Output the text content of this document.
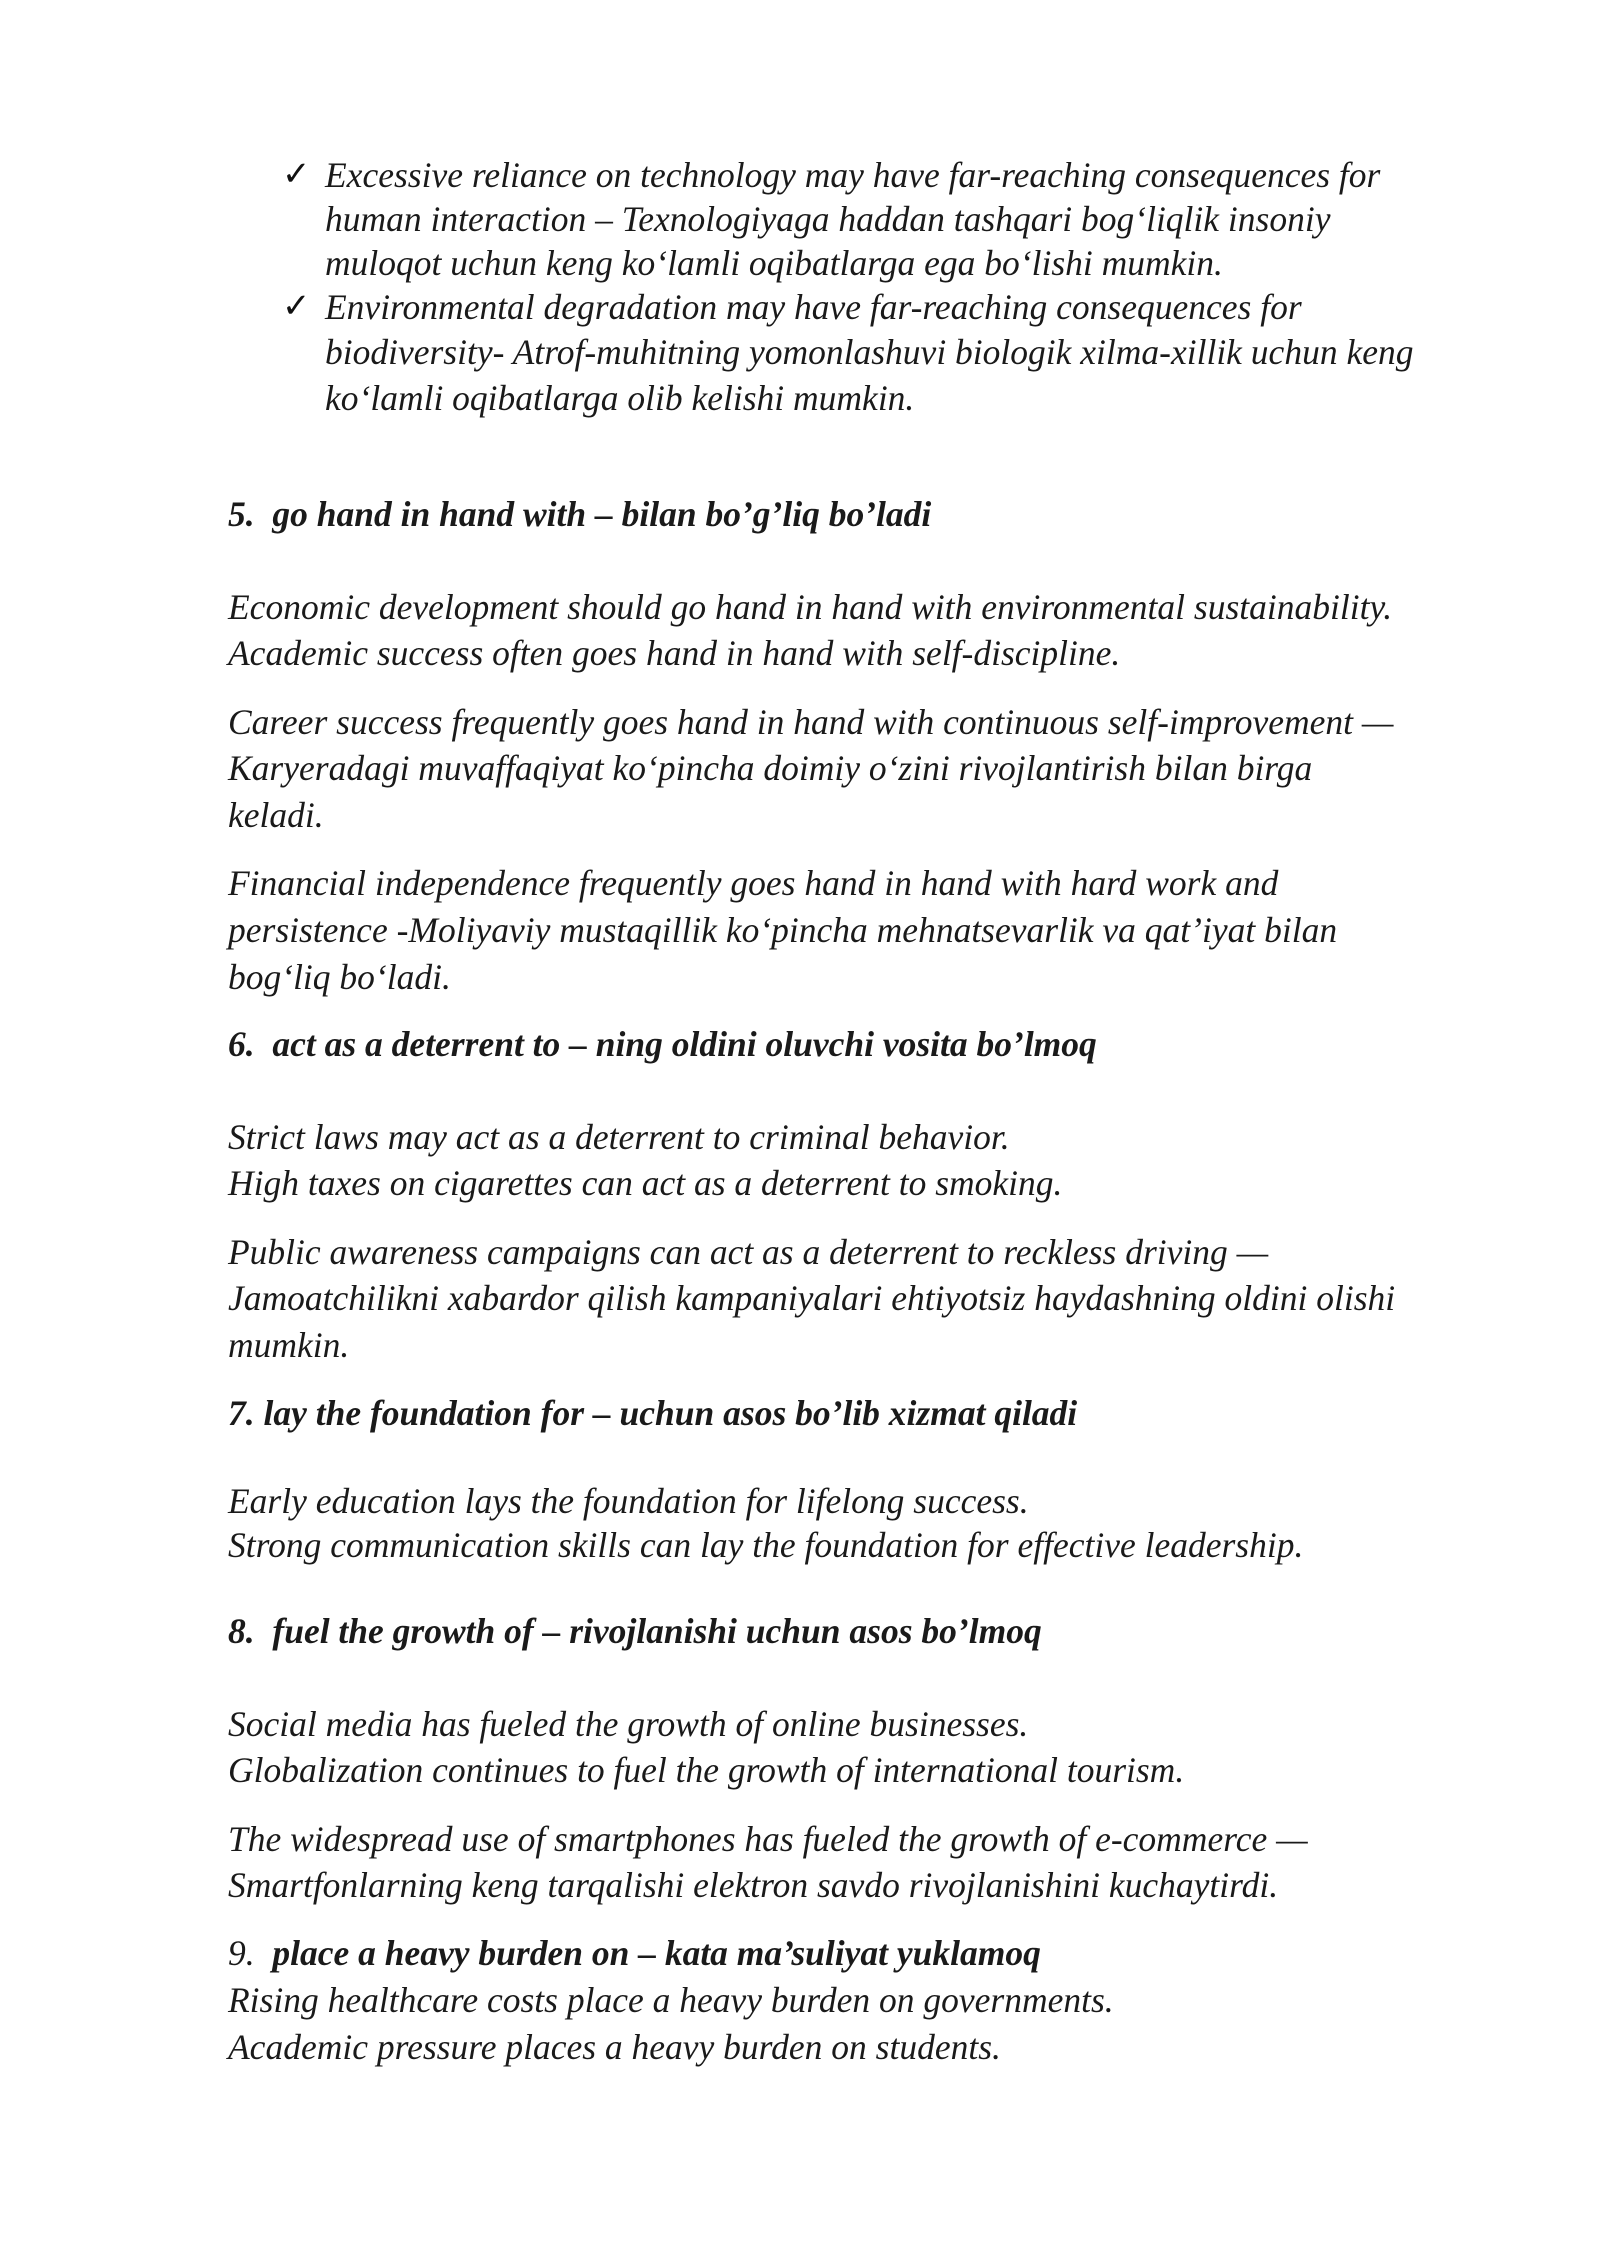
✓ Excessive reliance on technology may have far-reaching consequences for
human interaction – Texnologiyaga haddan tashqari bog‘liqlik insoniy
muloqot uchun keng ko‘lamli oqibatlarga ega bo‘lishi mumkin.
✓ Environmental degradation may have far-reaching consequences for
biodiversity- Atrof-muhitning yomonlashuvi biologik xilma-xillik uchun keng
ko‘lamli oqibatlarga olib kelishi mumkin.
5. go hand in hand with – bilan bo’g’liq bo’ladi
Economic development should go hand in hand with environmental sustainability.
Academic success often goes hand in hand with self-discipline.
Career success frequently goes hand in hand with continuous self-improvement —
Karyeradagi muvaffaqiyat ko‘pincha doimiy o‘zini rivojlantirish bilan birga
keladi.
Financial independence frequently goes hand in hand with hard work and
persistence -Moliyaviy mustaqillik ko‘pincha mehnatsevarlik va qat’iyat bilan
bog‘liq bo‘ladi.
6. act as a deterrent to – ning oldini oluvchi vosita bo’lmoq
Strict laws may act as a deterrent to criminal behavior.
High taxes on cigarettes can act as a deterrent to smoking.
Public awareness campaigns can act as a deterrent to reckless driving —
Jamoatchilikni xabardor qilish kampaniyalari ehtiyotsiz haydashning oldini olishi
mumkin.
7. lay the foundation for – uchun asos bo’lib xizmat qiladi
Early education lays the foundation for lifelong success.
Strong communication skills can lay the foundation for effective leadership.
8. fuel the growth of – rivojlanishi uchun asos bo’lmoq
Social media has fueled the growth of online businesses.
Globalization continues to fuel the growth of international tourism.
The widespread use of smartphones has fueled the growth of e-commerce —
Smartfonlarning keng tarqalishi elektron savdo rivojlanishini kuchaytirdi.
9. place a heavy burden on – kata ma’suliyat yuklamoq
Rising healthcare costs place a heavy burden on governments.
Academic pressure places a heavy burden on students.
